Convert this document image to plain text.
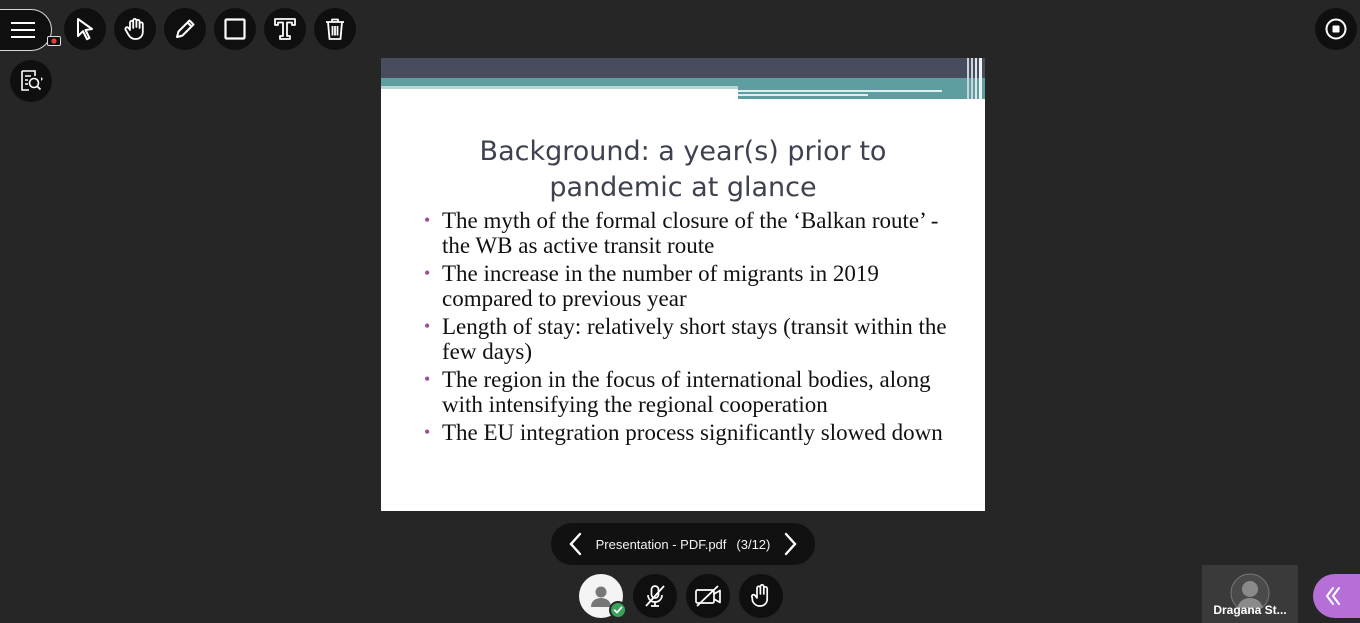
Background: a year(s) prior to
pandemic at glance
• The myth of the formal closure of the ‘Balkan route’ - the WB as active transit route
• The increase in the number of migrants in 2019 compared to previous year
• Length of stay: relatively short stays (transit within the few days)
• The region in the focus of international bodies, along with intensifying the regional cooperation
• The EU integration process significantly slowed down
Presentation - PDF.pdf (3/12)
Dragana St...
